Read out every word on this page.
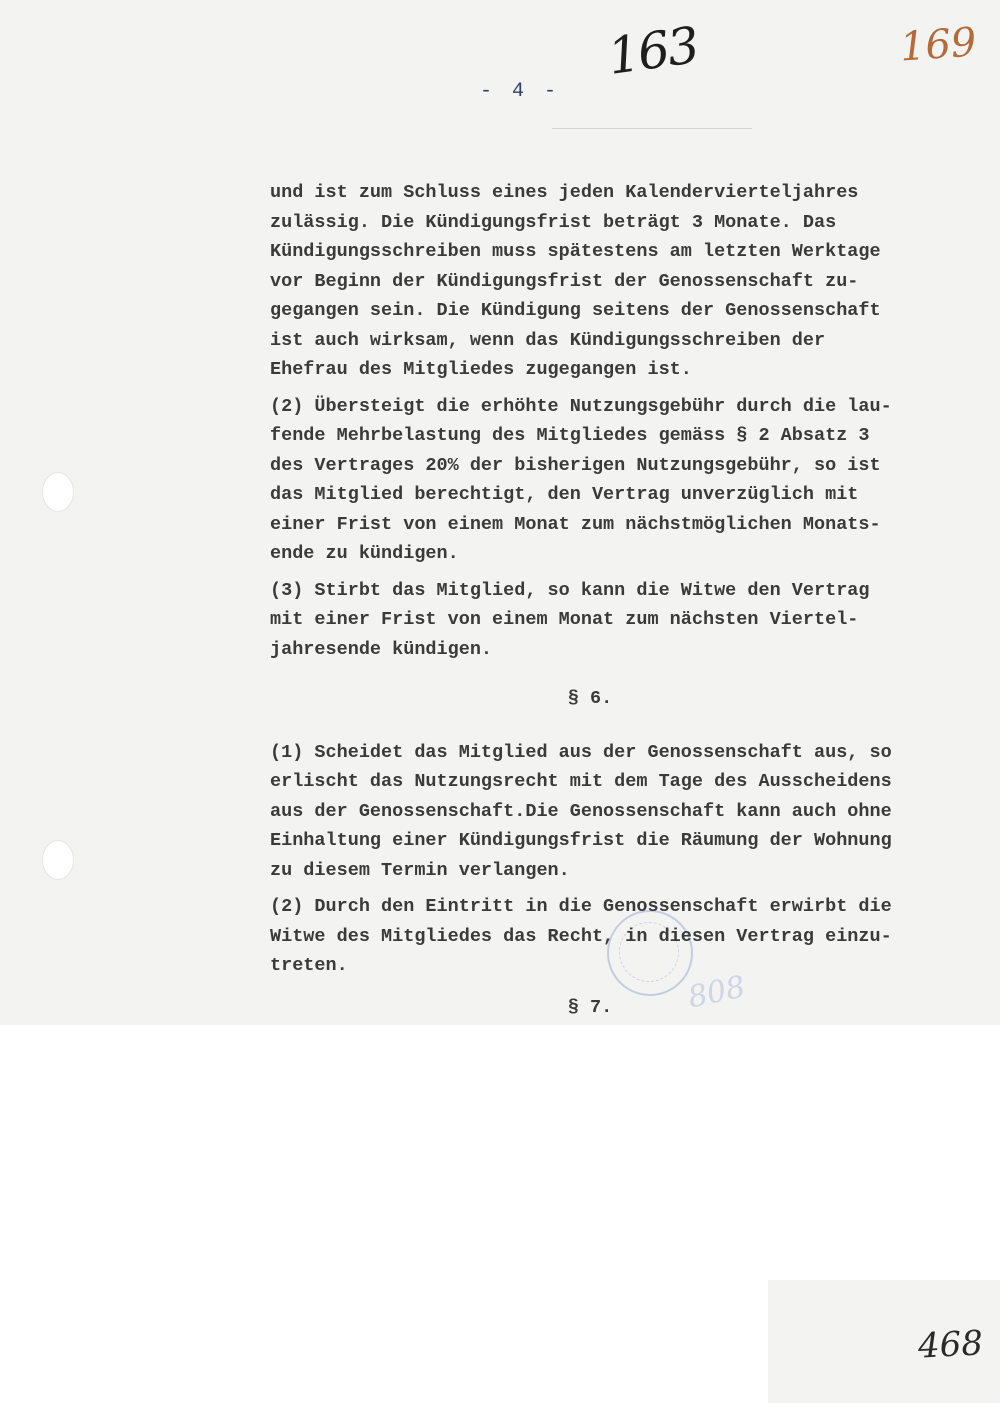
- 4 -
163	169
808
und ist zum Schluss eines jeden Kalendervierteljahres
zulässig. Die Kündigungsfrist beträgt 3 Monate. Das
Kündigungsschreiben muss spätestens am letzten Werktage
vor Beginn der Kündigungsfrist der Genossenschaft zu-
gegangen sein. Die Kündigung seitens der Genossenschaft
ist auch wirksam, wenn das Kündigungsschreiben der
Ehefrau des Mitgliedes zugegangen ist.
(2) Übersteigt die erhöhte Nutzungsgebühr durch die lau-
fende Mehrbelastung des Mitgliedes gemäss § 2 Absatz 3
des Vertrages 20% der bisherigen Nutzungsgebühr, so ist
das Mitglied berechtigt, den Vertrag unverzüglich mit
einer Frist von einem Monat zum nächstmöglichen Monats-
ende zu kündigen.
(3) Stirbt das Mitglied, so kann die Witwe den Vertrag
mit einer Frist von einem Monat zum nächsten Viertel-
jahresende kündigen.
§ 6.
(1) Scheidet das Mitglied aus der Genossenschaft aus, so
erlischt das Nutzungsrecht mit dem Tage des Ausscheidens
aus der Genossenschaft.Die Genossenschaft kann auch ohne
Einhaltung einer Kündigungsfrist die Räumung der Wohnung
zu diesem Termin verlangen.
(2) Durch den Eintritt in die Genossenschaft erwirbt die
Witwe des Mitgliedes das Recht, in diesen Vertrag einzu-
treten.
§ 7.
468
